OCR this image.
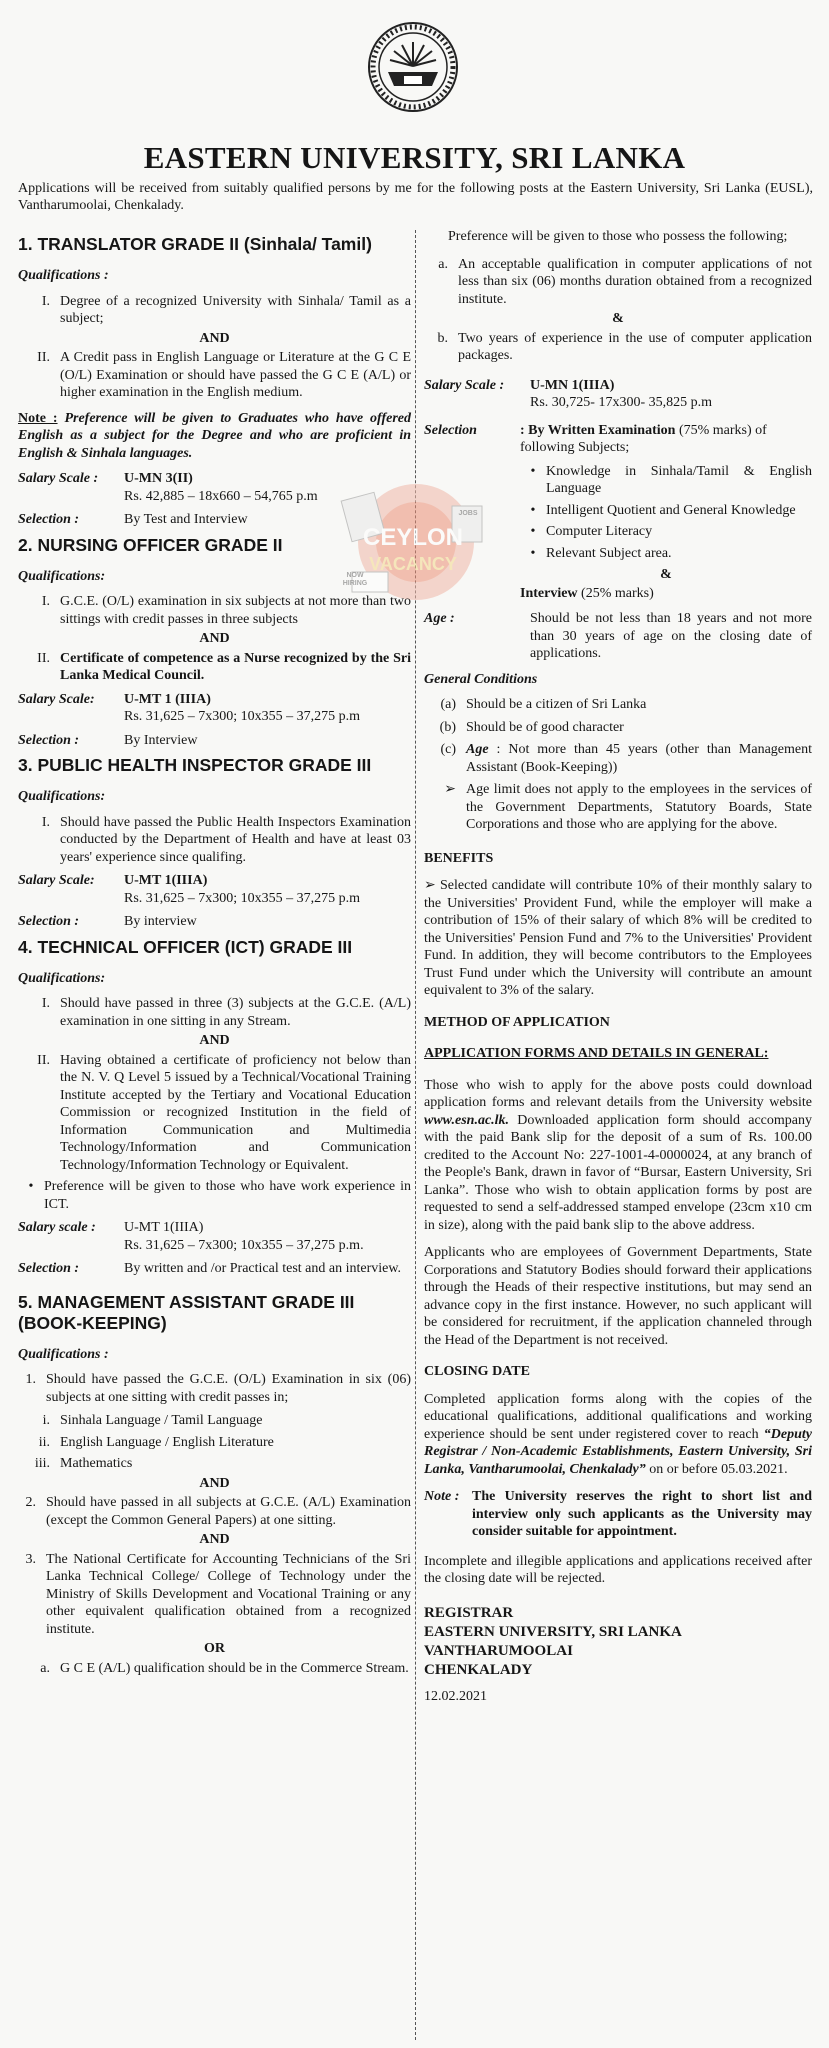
EASTERN UNIVERSITY, SRI LANKA
Applications will be received from suitably qualified persons by me for the following posts at the Eastern University, Sri Lanka (EUSL), Vantharumoolai, Chenkalady.
CEYLON
VACANCY
NOW
HIRING
JOBS
1. TRANSLATOR GRADE II (Sinhala/ Tamil)
Qualifications :
I. Degree of a recognized University with Sinhala/ Tamil as a subject;
AND
II. A Credit pass in English Language or Literature at the G C E (O/L) Examination or should have passed the G C E (A/L) or higher examination in the English medium.
Note : Preference will be given to Graduates who have offered English as a subject for the Degree and who are proficient in English & Sinhala languages.
Salary Scale :	U-MN 3(II)
Rs. 42,885 – 18x660 – 54,765 p.m
Selection :	By Test and Interview
2. NURSING OFFICER GRADE II
Qualifications:
I. G.C.E. (O/L) examination in six subjects at not more than two sittings with credit passes in three subjects
AND
II. Certificate of competence as a Nurse recognized by the Sri Lanka Medical Council.
Salary Scale:	U-MT 1 (IIIA)
Rs. 31,625 – 7x300; 10x355 – 37,275 p.m
Selection :	By Interview
3. PUBLIC HEALTH INSPECTOR GRADE III
Qualifications:
I. Should have passed the Public Health Inspectors Examination conducted by the Department of Health and have at least 03 years' experience since qualifing.
Salary Scale:	U-MT 1(IIIA)
Rs. 31,625 – 7x300; 10x355 – 37,275 p.m
Selection :	By interview
4. TECHNICAL OFFICER (ICT) GRADE III
Qualifications:
I. Should have passed in three (3) subjects at the G.C.E. (A/L) examination in one sitting in any Stream.
AND
II. Having obtained a certificate of proficiency not below than the N. V. Q Level 5 issued by a Technical/Vocational Training Institute accepted by the Tertiary and Vocational Education Commission or recognized Institution in the field of Information Communication and Multimedia Technology/Information and Communication Technology/Information Technology or Equivalent.
• Preference will be given to those who have work experience in ICT.
Salary scale :	U-MT 1(IIIA)
Rs. 31,625 – 7x300; 10x355 – 37,275 p.m.
Selection :	By written and /or Practical test and an interview.
5. MANAGEMENT ASSISTANT GRADE III (BOOK-KEEPING)
Qualifications :
1. Should have passed the G.C.E. (O/L) Examination in six (06) subjects at one sitting with credit passes in;
i. Sinhala Language / Tamil Language
ii. English Language / English Literature
iii. Mathematics
AND
2. Should have passed in all subjects at G.C.E. (A/L) Examination (except the Common General Papers) at one sitting.
AND
3. The National Certificate for Accounting Technicians of the Sri Lanka Technical College/ College of Technology under the Ministry of Skills Development and Vocational Training or any other equivalent qualification obtained from a recognized institute.
OR
a. G C E (A/L) qualification should be in the Commerce Stream.
Preference will be given to those who possess the following;
a. An acceptable qualification in computer applications of not less than six (06) months duration obtained from a recognized institute.
&
b. Two years of experience in the use of computer application packages.
Salary Scale :	U-MN 1(IIIA)
Rs. 30,725- 17x300- 35,825 p.m
Selection	: By Written Examination (75% marks) of following Subjects;
• Knowledge in Sinhala/Tamil & English Language
• Intelligent Quotient and General Knowledge
• Computer Literacy
• Relevant Subject area.
&
Interview (25% marks)
Age :	Should be not less than 18 years and not more than 30 years of age on the closing date of applications.
General Conditions
(a) Should be a citizen of Sri Lanka
(b) Should be of good character
(c) Age : Not more than 45 years (other than Management Assistant (Book-Keeping))
➢ Age limit does not apply to the employees in the services of the Government Departments, Statutory Boards, State Corporations and those who are applying for the above.
BENEFITS
➢ Selected candidate will contribute 10% of their monthly salary to the Universities' Provident Fund, while the employer will make a contribution of 15% of their salary of which 8% will be credited to the Universities' Pension Fund and 7% to the Universities' Provident Fund. In addition, they will become contributors to the Employees Trust Fund under which the University will contribute an amount equivalent to 3% of the salary.
METHOD OF APPLICATION
APPLICATION FORMS AND DETAILS IN GENERAL:
Those who wish to apply for the above posts could download application forms and relevant details from the University website www.esn.ac.lk. Downloaded application form should accompany with the paid Bank slip for the deposit of a sum of Rs. 100.00 credited to the Account No: 227-1001-4-0000024, at any branch of the People's Bank, drawn in favor of “Bursar, Eastern University, Sri Lanka”. Those who wish to obtain application forms by post are requested to send a self-addressed stamped envelope (23cm x10 cm in size), along with the paid bank slip to the above address.
Applicants who are employees of Government Departments, State Corporations and Statutory Bodies should forward their applications through the Heads of their respective institutions, but may send an advance copy in the first instance. However, no such applicant will be considered for recruitment, if the application channeled through the Head of the Department is not received.
CLOSING DATE
Completed application forms along with the copies of the educational qualifications, additional qualifications and working experience should be sent under registered cover to reach “Deputy Registrar / Non-Academic Establishments, Eastern University, Sri Lanka, Vantharumoolai, Chenkalady” on or before 05.03.2021.
Note : The University reserves the right to short list and interview only such applicants as the University may consider suitable for appointment.
Incomplete and illegible applications and applications received after the closing date will be rejected.
REGISTRAR
EASTERN UNIVERSITY, SRI LANKA
VANTHARUMOOLAI
CHENKALADY
12.02.2021
